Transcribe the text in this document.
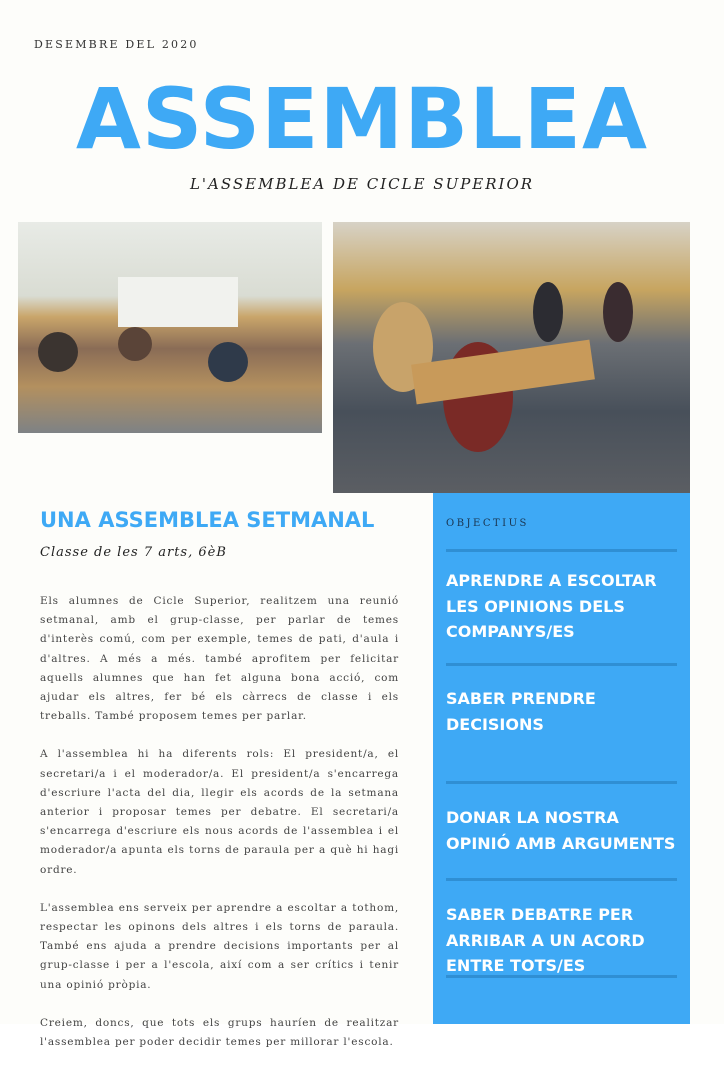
DESEMBRE DEL 2020
ASSEMBLEA
L'ASSEMBLEA DE CICLE SUPERIOR
UNA ASSEMBLEA SETMANAL
Classe de les 7 arts, 6èB

Els alumnes de Cicle Superior, realitzem una reunió setmanal, amb el grup-classe, per parlar de temes d'interès comú, com per exemple, temes de pati, d'aula i d'altres. A més a més. també aprofitem per felicitar aquells alumnes que han fet alguna bona acció, com ajudar els altres, fer bé els càrrecs de classe i els treballs. També proposem temes per parlar.

A l'assemblea hi ha diferents rols: El president/a, el secretari/a i el moderador/a. El president/a s'encarrega d'escriure l'acta del dia, llegir els acords de la setmana anterior i proposar temes per debatre. El secretari/a s'encarrega d'escriure els nous acords de l'assemblea i el moderador/a apunta els torns de paraula per a què hi hagi ordre.

L'assemblea ens serveix per aprendre a escoltar a tothom, respectar les opinons dels altres i els torns de paraula. També ens ajuda a prendre decisions importants per al grup-classe i per a l'escola, així com a ser crítics i tenir una opinió pròpia.

Creiem, doncs, que tots els grups hauríen de realitzar l'assemblea per poder decidir temes per millorar l'escola.

OBJECTIUS
APRENDRE A ESCOLTAR LES OPINIONS DELS COMPANYS/ES
SABER PRENDRE DECISIONS
DONAR LA NOSTRA OPINIÓ AMB ARGUMENTS
SABER DEBATRE PER ARRIBAR A UN ACORD ENTRE TOTS/ES
